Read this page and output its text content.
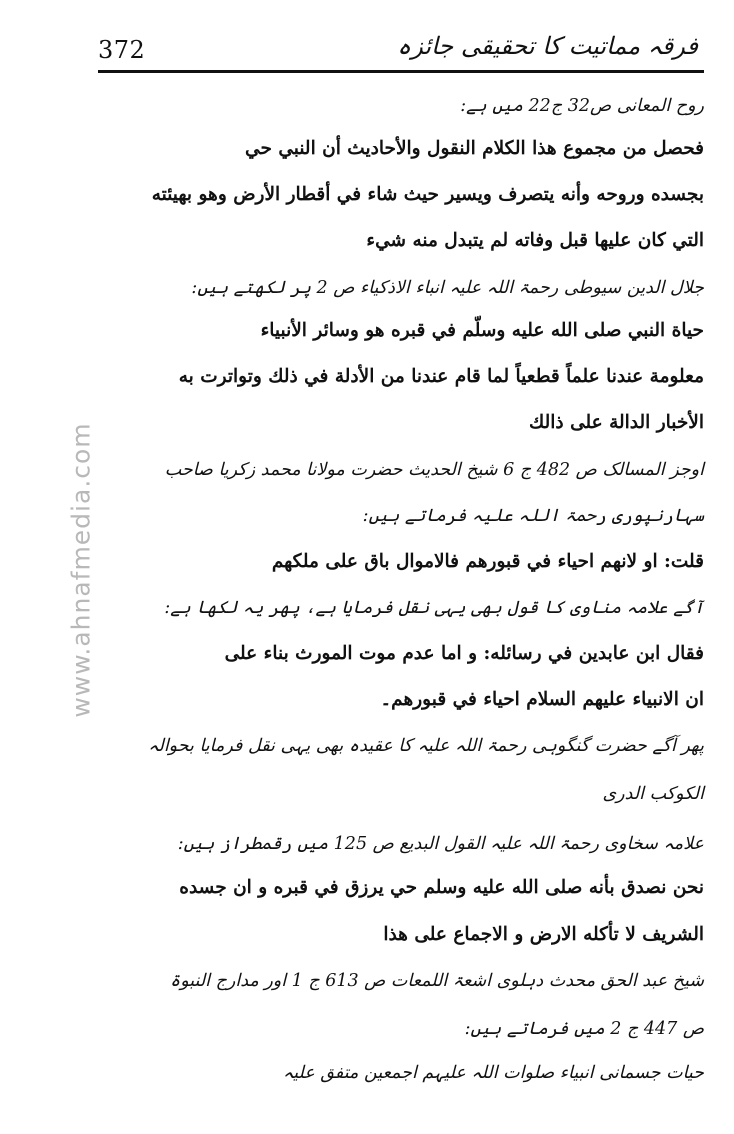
372	فرقہ مماتیت کا تحقیقی جائزہ
www.ahnafmedia.com
روح المعانی ص32 ج22 میں ہے:
فحصل من مجموع هذا الكلام النقول والأحاديث أن النبي حي
بجسده وروحه وأنه يتصرف ويسير حيث شاء في أقطار الأرض وهو بهيئته
التي كان عليها قبل وفاته لم يتبدل منه شيء
جلال الدین سیوطی رحمۃ اللہ علیہ انباء الاذکیاء ص 2 پر لکھتے ہیں:
حياة النبي صلى الله عليه وسلّم في قبره هو وسائر الأنبياء
معلومة عندنا علماً قطعياً لما قام عندنا من الأدلة في ذلك وتواترت به
الأخبار الدالة على ذالك
اوجز المسالک ص 482 ج 6 شیخ الحدیث حضرت مولانا محمد زکریا صاحب
سہارنپوری رحمۃ اللہ علیہ فرماتے ہیں:
قلت: او لانهم احياء في قبورهم فالاموال باق على ملكهم
آگے علامہ مناوی کا قول بھی یہی نقل فرمایا ہے، پھر یہ لکھا ہے:
فقال ابن عابدين في رسائله: و اما عدم موت المورث بناء على
ان الانبياء عليهم السلام احياء في قبورهم۔
پھر آگے حضرت گنگوہی رحمۃ اللہ علیہ کا عقیدہ بھی یہی نقل فرمایا بحوالہ
الکوکب الدری
علامہ سخاوی رحمۃ اللہ علیہ القول البدیع ص 125 میں رقمطراز ہیں:
نحن نصدق بأنه صلى الله عليه وسلم حي يرزق في قبره و ان جسده
الشريف لا تأكله الارض و الاجماع على هذا
شیخ عبد الحق محدث دہلوی اشعۃ اللمعات ص 613 ج 1 اور مدارج النبوۃ
ص 447 ج 2 میں فرماتے ہیں:
حیات جسمانی انبیاء صلوات اللہ علیہم اجمعین متفق علیہ
